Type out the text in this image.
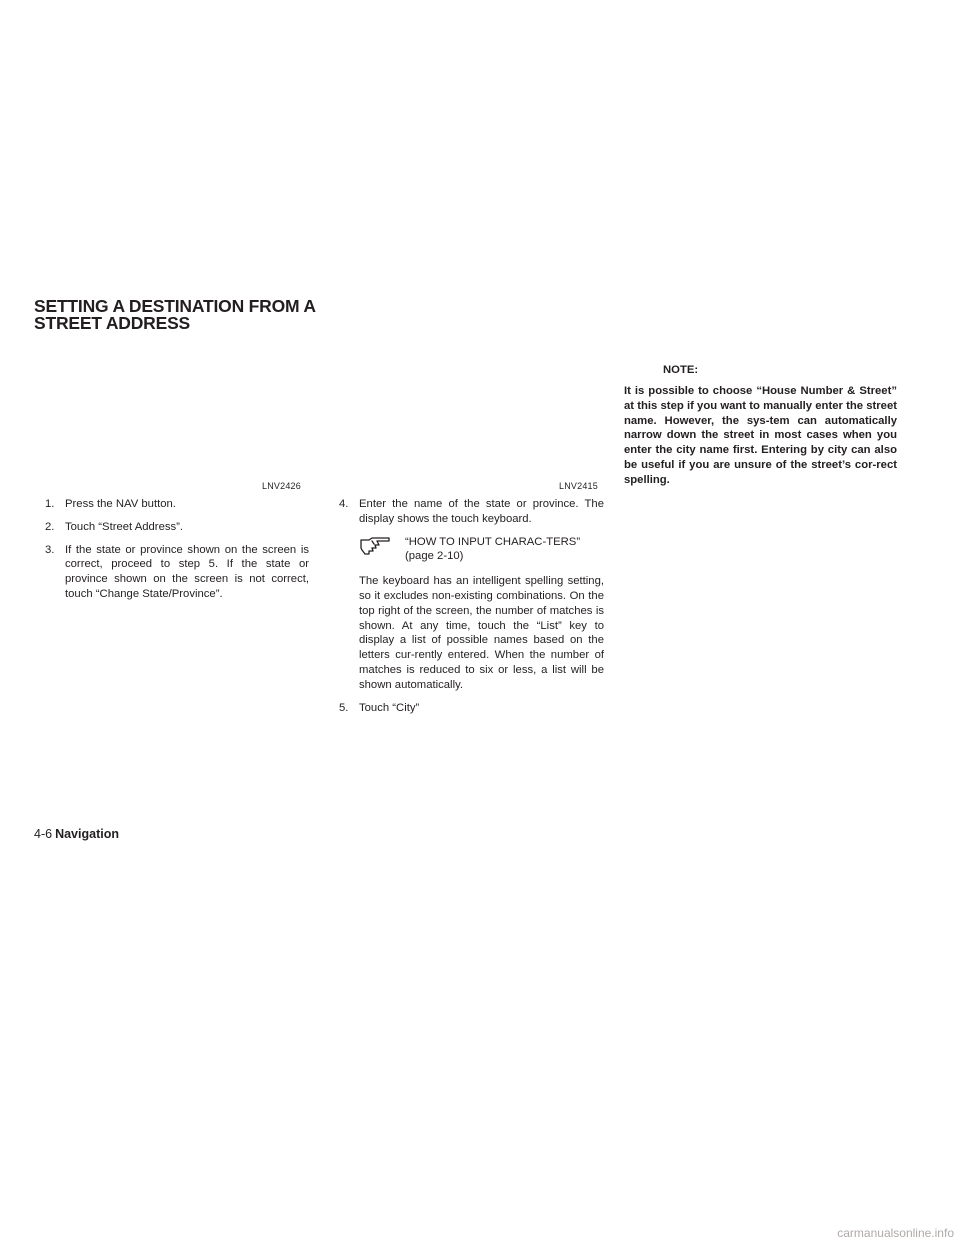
SETTING A DESTINATION FROM A
STREET ADDRESS
LNV2426	LNV2415
1. Press the NAV button.
2. Touch “Street Address”.
3. If the state or province shown on the screen is correct, proceed to step 5. If the state or province shown on the screen is not correct, touch “Change State/Province”.
4. Enter the name of the state or province. The display shows the touch keyboard.
“HOW TO INPUT CHARAC-TERS” (page 2-10)

The keyboard has an intelligent spelling setting, so it excludes non-existing combinations. On the top right of the screen, the number of matches is shown. At any time, touch the “List” key to display a list of possible names based on the letters cur-rently entered. When the number of matches is reduced to six or less, a list will be shown automatically.

5. Touch “City”
NOTE:

It is possible to choose “House Number & Street” at this step if you want to manually enter the street name. However, the sys-tem can automatically narrow down the street in most cases when you enter the city name first. Entering by city can also be useful if you are unsure of the street’s cor-rect spelling.

4-6 Navigation
carmanualsonline.info
